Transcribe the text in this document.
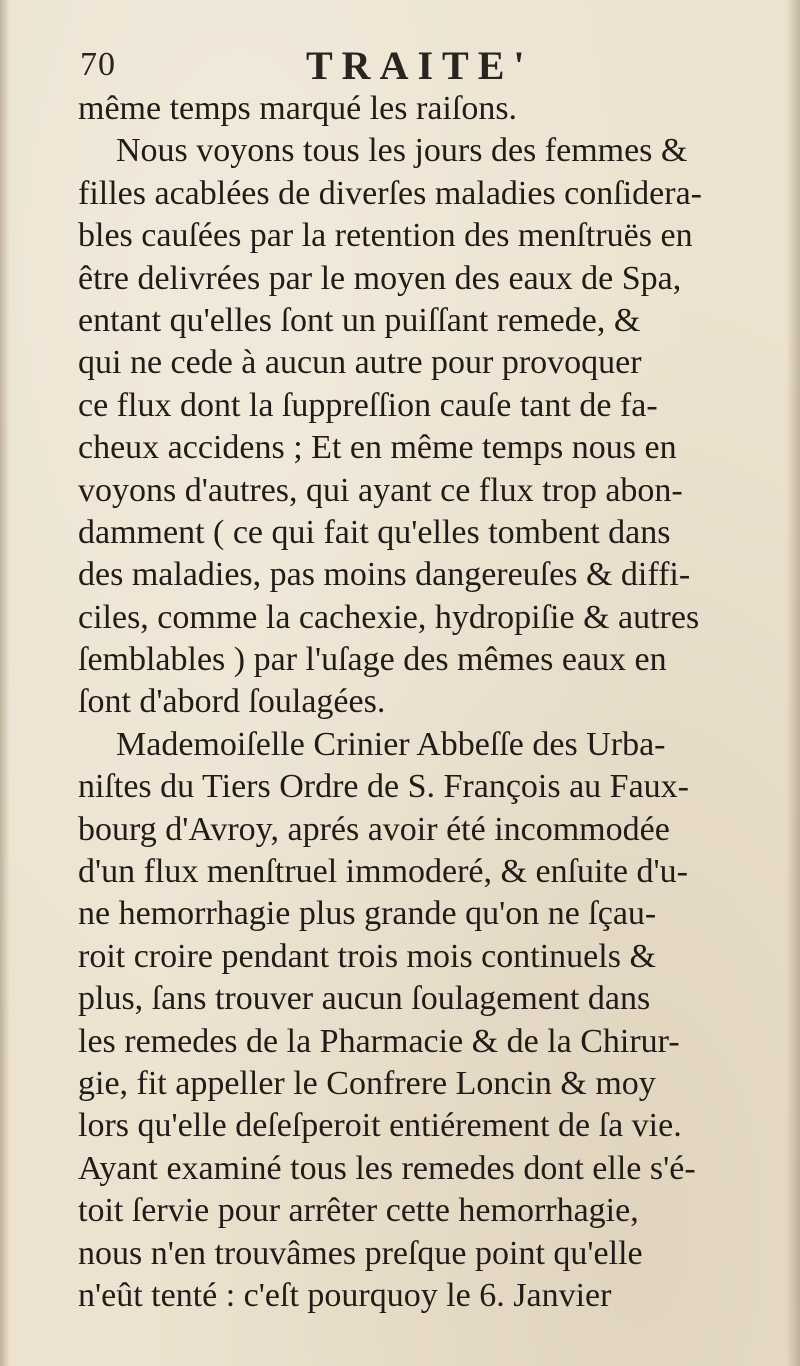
70	TRAITE'
même temps marqué les raiſons.
Nous voyons tous les jours des femmes &
filles acablées de diverſes maladies conſidera-
bles cauſées par la retention des menſtruës en
être delivrées par le moyen des eaux de Spa,
entant qu'elles ſont un puiſſant remede, &
qui ne cede à aucun autre pour provoquer
ce flux dont la ſuppreſſion cauſe tant de fa-
cheux accidens ; Et en même temps nous en
voyons d'autres, qui ayant ce flux trop abon-
damment ( ce qui fait qu'elles tombent dans
des maladies, pas moins dangereuſes & diffi-
ciles, comme la cachexie, hydropiſie & autres
ſemblables ) par l'uſage des mêmes eaux en
ſont d'abord ſoulagées.
Mademoiſelle Crinier Abbeſſe des Urba-
niſtes du Tiers Ordre de S. François au Faux-
bourg d'Avroy, aprés avoir été incommodée
d'un flux menſtruel immoderé, & enſuite d'u-
ne hemorrhagie plus grande qu'on ne ſçau-
roit croire pendant trois mois continuels &
plus, ſans trouver aucun ſoulagement dans
les remedes de la Pharmacie & de la Chirur-
gie, fit appeller le Confrere Loncin & moy
lors qu'elle deſeſperoit entiérement de ſa vie.
Ayant examiné tous les remedes dont elle s'é-
toit ſervie pour arrêter cette hemorrhagie,
nous n'en trouvâmes preſque point qu'elle
n'eût tenté : c'eſt pourquoy le 6. Janvier
